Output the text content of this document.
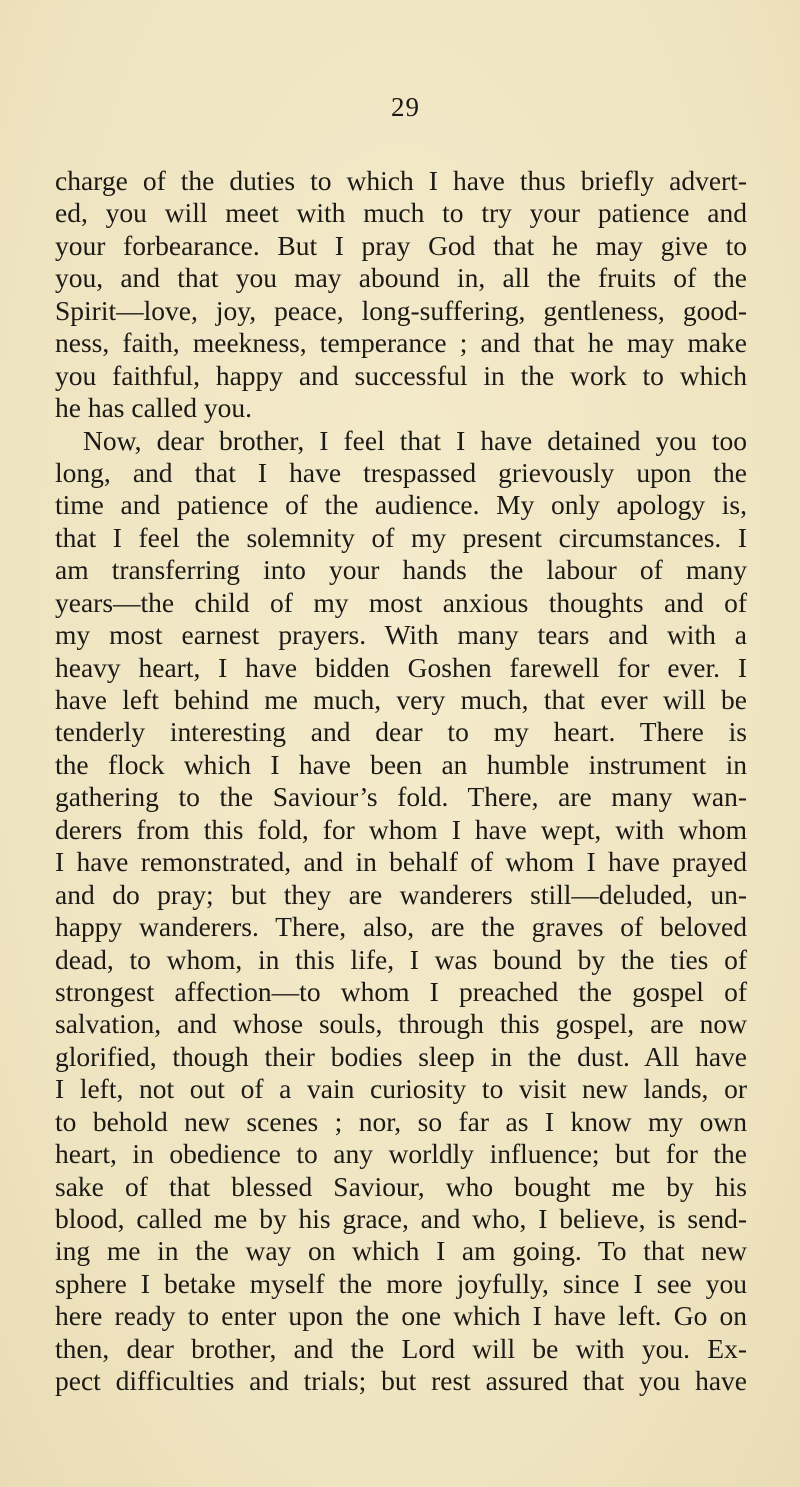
29
charge of the duties to which I have thus briefly advert-
ed, you will meet with much to try your patience and
your forbearance. But I pray God that he may give to
you, and that you may abound in, all the fruits of the
Spirit—love, joy, peace, long-suffering, gentleness, good-
ness, faith, meekness, temperance ; and that he may make
you faithful, happy and successful in the work to which
he has called you.
Now, dear brother, I feel that I have detained you too
long, and that I have trespassed grievously upon the
time and patience of the audience. My only apology is,
that I feel the solemnity of my present circumstances. I
am transferring into your hands the labour of many
years—the child of my most anxious thoughts and of
my most earnest prayers. With many tears and with a
heavy heart, I have bidden Goshen farewell for ever. I
have left behind me much, very much, that ever will be
tenderly interesting and dear to my heart. There is
the flock which I have been an humble instrument in
gathering to the Saviour’s fold. There, are many wan-
derers from this fold, for whom I have wept, with whom
I have remonstrated, and in behalf of whom I have prayed
and do pray; but they are wanderers still—deluded, un-
happy wanderers. There, also, are the graves of beloved
dead, to whom, in this life, I was bound by the ties of
strongest affection—to whom I preached the gospel of
salvation, and whose souls, through this gospel, are now
glorified, though their bodies sleep in the dust. All have
I left, not out of a vain curiosity to visit new lands, or
to behold new scenes ; nor, so far as I know my own
heart, in obedience to any worldly influence; but for the
sake of that blessed Saviour, who bought me by his
blood, called me by his grace, and who, I believe, is send-
ing me in the way on which I am going. To that new
sphere I betake myself the more joyfully, since I see you
here ready to enter upon the one which I have left. Go on
then, dear brother, and the Lord will be with you. Ex-
pect difficulties and trials; but rest assured that you have
